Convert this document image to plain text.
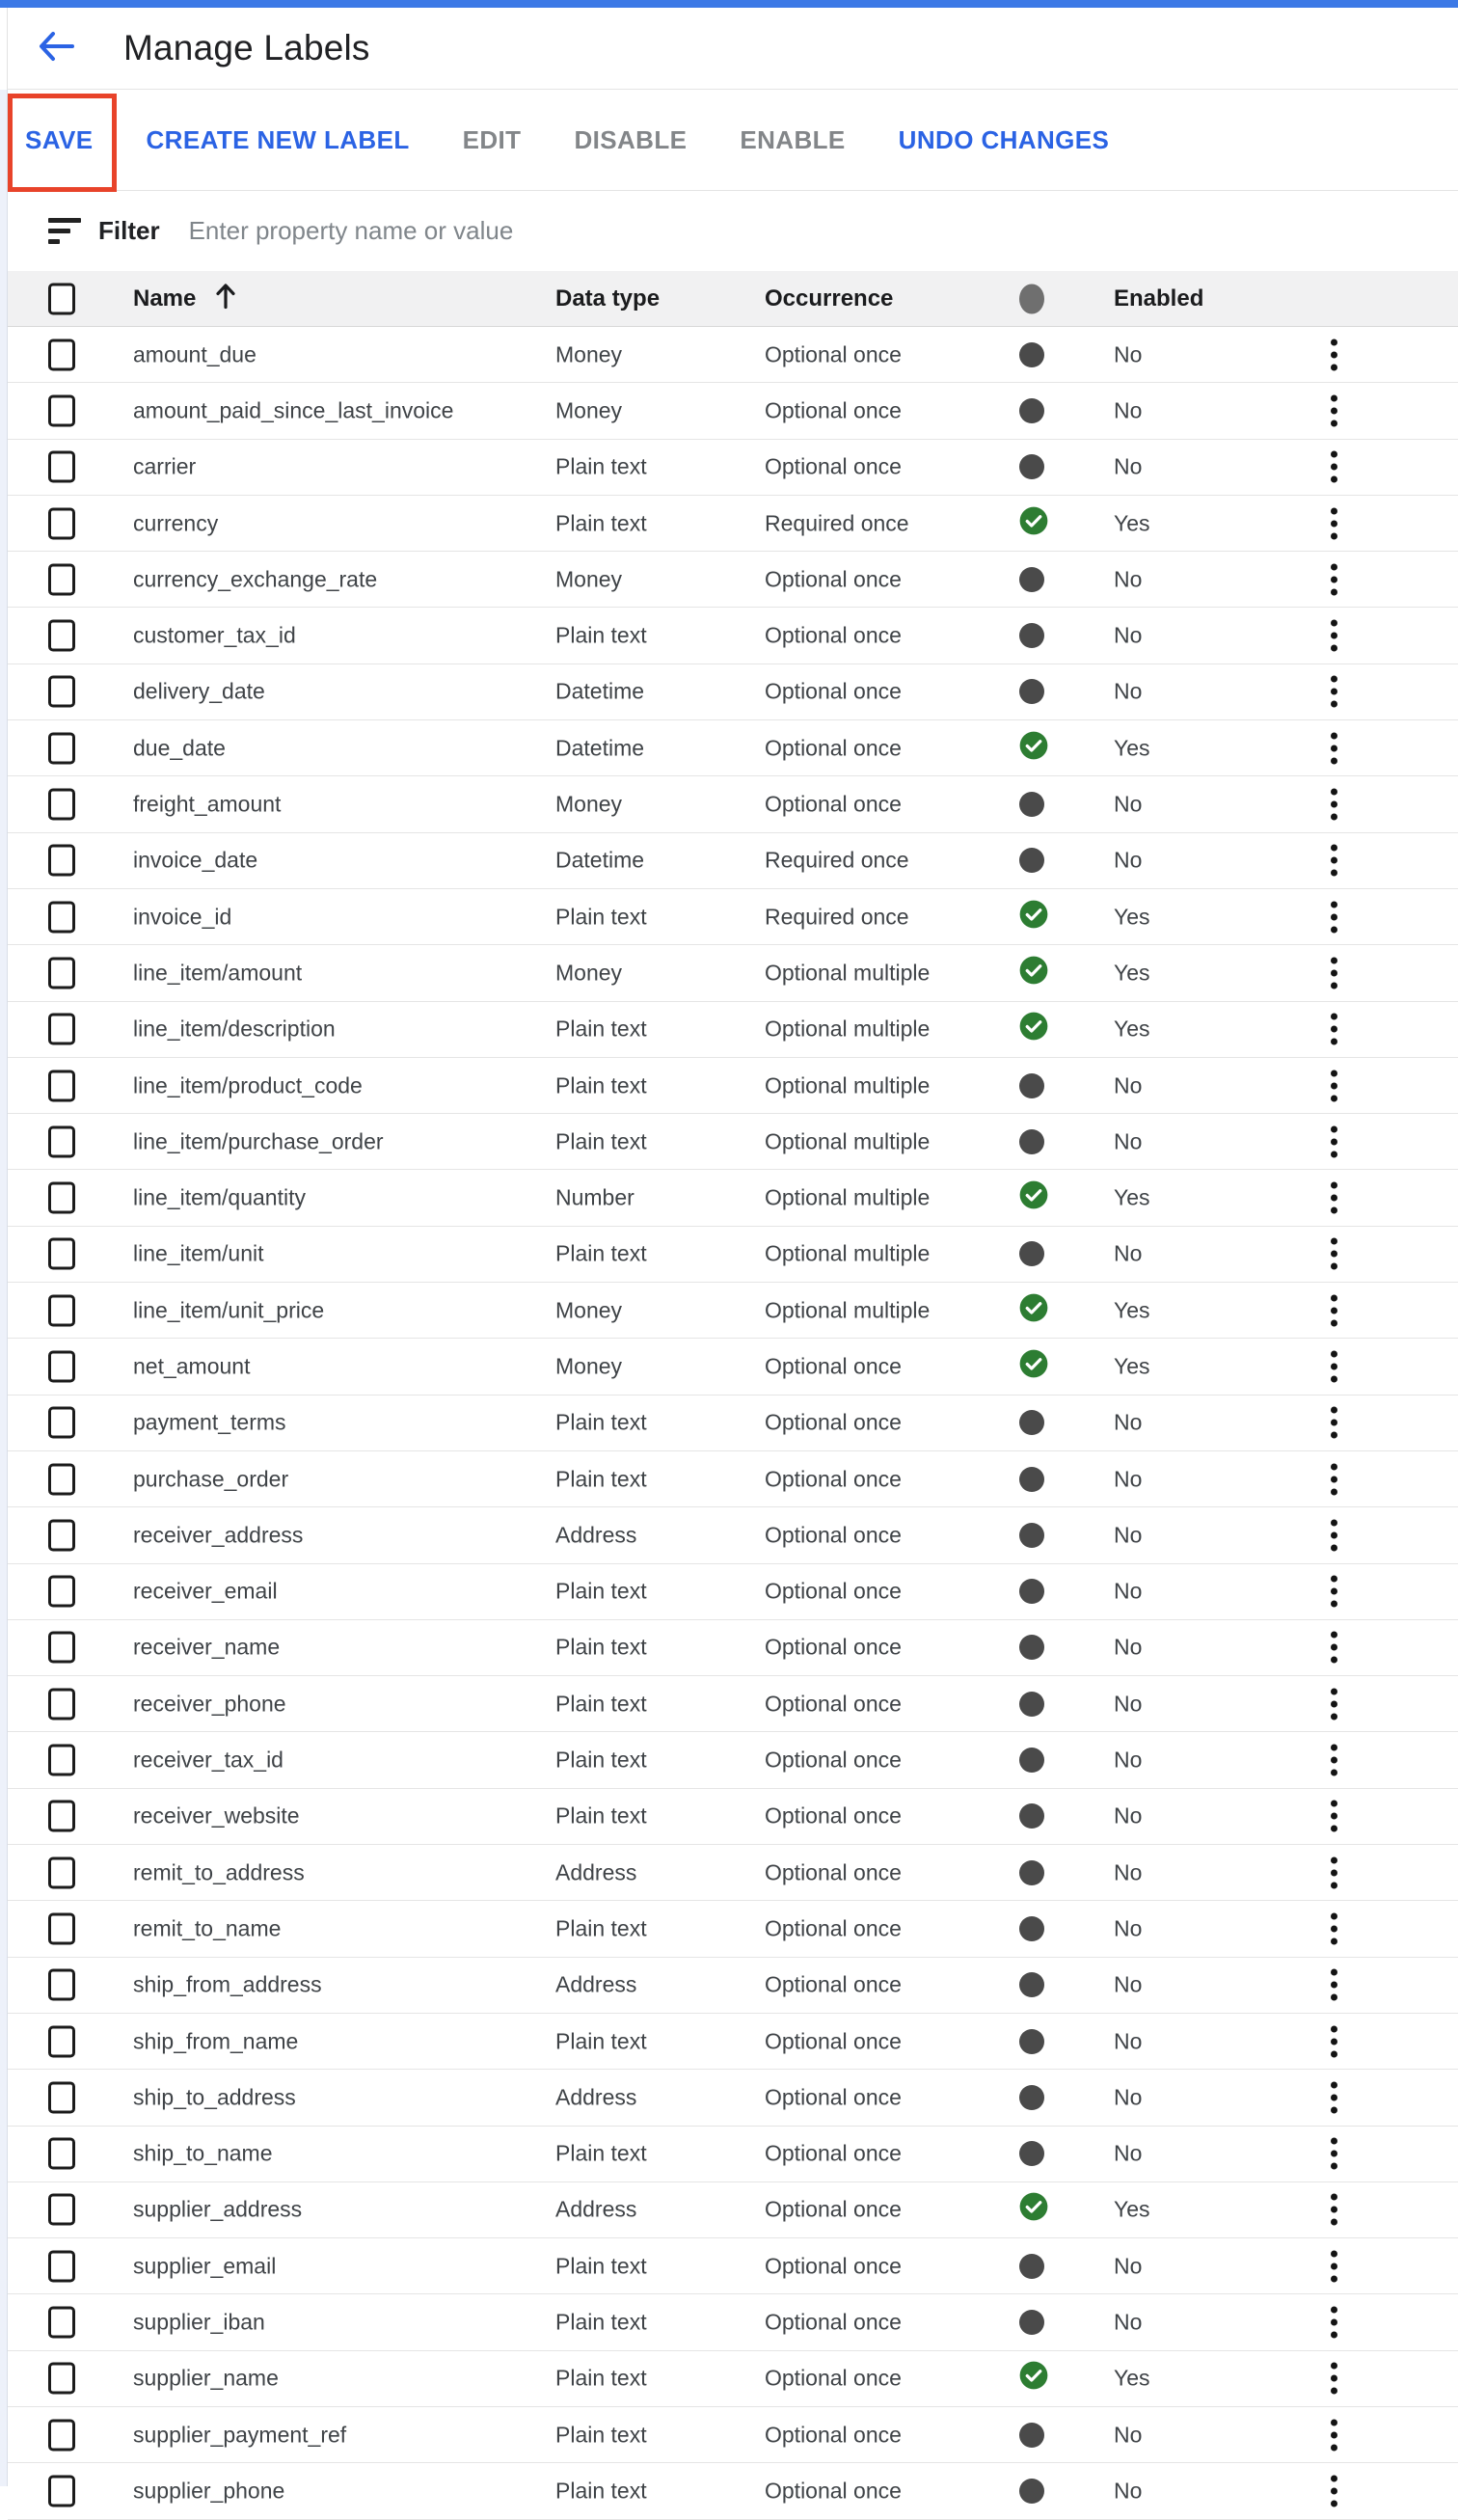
Manage Labels
SAVE CREATE NEW LABEL EDIT DISABLE ENABLE UNDO CHANGES
Filter Enter property name or value
Name	Data type	Occurrence	Enabled
amount_due	Money	Optional once	No
amount_paid_since_last_invoice	Money	Optional once	No
carrier	Plain text	Optional once	No
currency	Plain text	Required once	Yes
currency_exchange_rate	Money	Optional once	No
customer_tax_id	Plain text	Optional once	No
delivery_date	Datetime	Optional once	No
due_date	Datetime	Optional once	Yes
freight_amount	Money	Optional once	No
invoice_date	Datetime	Required once	No
invoice_id	Plain text	Required once	Yes
line_item/amount	Money	Optional multiple	Yes
line_item/description	Plain text	Optional multiple	Yes
line_item/product_code	Plain text	Optional multiple	No
line_item/purchase_order	Plain text	Optional multiple	No
line_item/quantity	Number	Optional multiple	Yes
line_item/unit	Plain text	Optional multiple	No
line_item/unit_price	Money	Optional multiple	Yes
net_amount	Money	Optional once	Yes
payment_terms	Plain text	Optional once	No
purchase_order	Plain text	Optional once	No
receiver_address	Address	Optional once	No
receiver_email	Plain text	Optional once	No
receiver_name	Plain text	Optional once	No
receiver_phone	Plain text	Optional once	No
receiver_tax_id	Plain text	Optional once	No
receiver_website	Plain text	Optional once	No
remit_to_address	Address	Optional once	No
remit_to_name	Plain text	Optional once	No
ship_from_address	Address	Optional once	No
ship_from_name	Plain text	Optional once	No
ship_to_address	Address	Optional once	No
ship_to_name	Plain text	Optional once	No
supplier_address	Address	Optional once	Yes
supplier_email	Plain text	Optional once	No
supplier_iban	Plain text	Optional once	No
supplier_name	Plain text	Optional once	Yes
supplier_payment_ref	Plain text	Optional once	No
supplier_phone	Plain text	Optional once	No
